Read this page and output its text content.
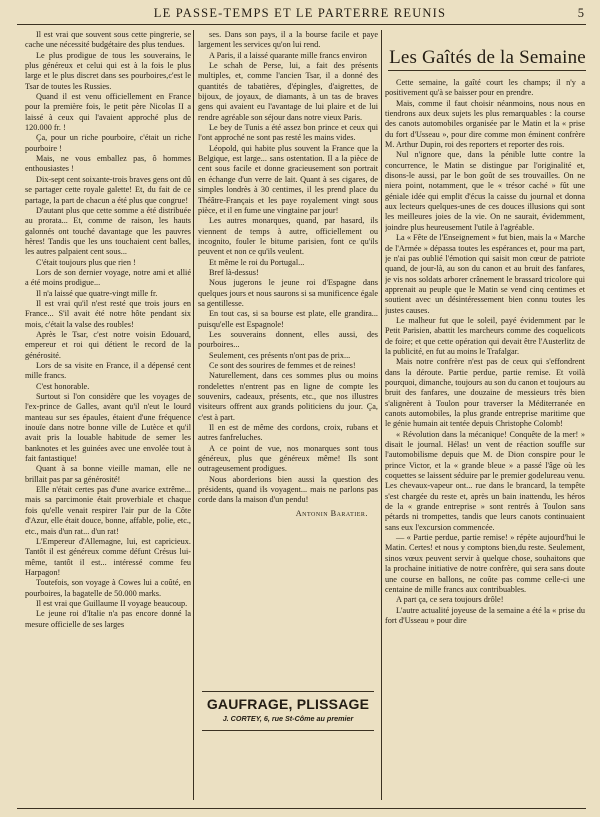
LE PASSE-TEMPS ET LE PARTERRE REUNIS	5

Il est vrai que souvent sous cette pingrerie, se cache une nécessité budgétaire des plus tendues.

Le plus prodigue de tous les souverains, le plus généreux et celui qui est à la fois le plus large et le plus discret dans ses pourboires,c'est le Tsar de toutes les Russies.

Quand il est venu officiellement en France pour la première fois, le petit père Nicolas II a laissé à ceux qui l'avaient approché plus de 120.000 fr. !

Ça, pour un riche pourboire, c'était un riche pourboire !

Mais, ne vous emballez pas, ô hommes enthousiastes !

Dix-sept cent soixante-trois braves gens ont dû se partager cette royale galette! Et, du fait de ce partage, la part de chacun a été plus que congrue!

D'autant plus que cette somme a été distribuée au prorata... Et, comme de raison, les hauts galonnés ont touché davantage que les pauvres hères! Tandis que les uns touchaient cent balles, les autres palpaient cent sous...

C'était toujours plus que rien !

Lors de son dernier voyage, notre ami et allié a été moins prodigue...

Il n'a laissé que quatre-vingt mille fr.

Il est vrai qu'il n'est resté que trois jours en France... S'il avait été notre hôte pendant six mois, c'était la valse des roubles!

Après le Tsar, c'est notre voisin Edouard, empereur et roi qui détient le record de la générosité.

Lors de sa visite en France, il a dépensé cent mille francs.

C'est honorable.

Surtout si l'on considère que les voyages de l'ex-prince de Galles, avant qu'il n'eut le lourd manteau sur ses épaules, étaient d'une fréquence inouïe dans notre bonne ville de Lutèce et qu'il avait pris la louable habitude de semer les banknotes et les guinées avec une envolée tout à fait fantastique!

Quant à sa bonne vieille maman, elle ne brillait pas par sa générosité!

Elle n'était certes pas d'une avarice extrême... mais sa parcimonie était proverbiale et chaque fois qu'elle venait respirer l'air pur de la Côte d'Azur, elle était douce, bonne, affable, polie, etc., etc., mais d'un rat... d'un rat!

L'Empereur d'Allemagne, lui, est capricieux. Tantôt il est généreux comme défunt Crésus lui-même, tantôt il est... intéressé comme feu Harpagon!

Toutefois, son voyage à Cowes lui a coûté, en pourboires, la bagatelle de 50.000 marks.

Il est vrai que Guillaume II voyage beaucoup.

Le jeune roi d'Italie n'a pas encore donné la mesure officielle de ses larges

ses. Dans son pays, il a la bourse facile et paye largement les services qu'on lui rend.

A Paris, il a laissé quarante mille francs environ

Le schah de Perse, lui, a fait des présents multiples, et, comme l'ancien Tsar, il a donné des quantités de tabatières, d'épingles, d'aigrettes, de bijoux, de joyaux, de diamants, à un tas de braves gens qui avaient eu l'avantage de lui plaire et de lui rendre agréable son séjour dans notre vieux Paris.

Le bey de Tunis a été assez bon prince et ceux qui l'ont approché ne sont pas resté les mains vides.

Léopold, qui habite plus souvent la France que la Belgique, est large... sans ostentation. Il a la pièce de cent sous facile et donne gracieusement son portrait en échange d'un verre de lait. Quant à ses cigares, de simples londrès à 30 centimes, il les prend place du Théâtre-Français et les paye royalement vingt sous pièce, et il en fume une vingtaine par jour!

Les autres monarques, quand, par hasard, ils viennent de temps à autre, officiellement ou incognito, fouler le bitume parisien, font ce qu'ils peuvent et non ce qu'ils veulent.

Et même le roi du Portugal...

Bref là-dessus!

Nous jugerons le jeune roi d'Espagne dans quelques jours et nous saurons si sa munificence égale sa gentillesse.

En tout cas, si sa bourse est plate, elle grandira... puisqu'elle est Espagnole!

Les souverains donnent, elles aussi, des pourboires...

Seulement, ces présents n'ont pas de prix...

Ce sont des sourires de femmes et de reines!

Naturellement, dans ces sommes plus ou moins rondelettes n'entrent pas en ligne de compte les souvenirs, cadeaux, présents, etc., que nos illustres visiteurs offrent aux grands politiciens du jour. Ça, c'est à part.

Il en est de même des cordons, croix, rubans et autres fanfreluches.

A ce point de vue, nos monarques sont tous généreux, plus que généreux même! Ils sont outrageusement prodigues.

Nous aborderions bien aussi la question des présidents, quand ils voyagent... mais ne parlons pas corde dans la maison d'un pendu!

Antonin Baratier.
GAUFRAGE, PLISSAGE
J. CORTEY, 6, rue St-Côme au premier
Les Gaîtés de la Semaine

Cette semaine, la gaîté court les champs; il n'y a positivement qu'à se baisser pour en prendre.

Mais, comme il faut choisir néanmoins, nous nous en tiendrons aux deux sujets les plus remarquables : la course des canots automobiles organisée par le Matin et la « prise du fort d'Usseau », pour dire comme mon éminent confrère M. Arthur Dupin, roi des reporters et reporter des rois.

Nul n'ignore que, dans la pénible lutte contre la concurrence, le Matin se distingue par l'originalité et, disons-le aussi, par le bon goût de ses trouvailles. On ne niera point, notamment, que le « trésor caché » fût une géniale idée qui emplit d'écus la caisse du journal et donna aux lecteurs quelques-unes de ces douces illusions qui sont les meilleures joies de la vie. On ne saurait, évidemment, joindre plus heureusement l'utile à l'agréable.

La « Fête de l'Enseignement » fut bien, mais la « Marche de l'Armée » dépassa toutes les espérances et, pour ma part, je n'ai pas oublié l'émotion qui saisit mon cœur de patriote quand, de jour-là, au son du canon et au bruit des fanfares, je vis nos soldats arborer crânement le brassard tricolore qui apprenait au peuple que le Matin se vend cinq centimes et soutient avec un désintéressement bien connu toutes les justes causes.

Le malheur fut que le soleil, payé évidemment par le Petit Parisien, abattit les marcheurs comme des coquelicots de foire; et que cette opération qui devait être l'Austerlitz de la publicité, en fut au moins le Trafalgar.

Mais notre confrère n'est pas de ceux qui s'effondrent dans la déroute. Partie perdue, partie remise. Et voilà pourquoi, dimanche, toujours au son du canon et toujours au bruit des fanfares, une douzaine de messieurs très bien s'alignèrent à Toulon pour traverser la Méditerranée en canots automobiles, la plus grande entreprise maritime que le génie humain ait tentée depuis Christophe Colomb!

« Révolution dans la mécanique! Conquête de la mer! » disait le journal. Hélas! un vent de réaction souffle sur l'automobilisme depuis que M. de Dion conspire pour le prince Victor, et la « grande bleue » a passé l'âge où les coquettes se laissent séduire par le premier godelureau venu. Les chevaux-vapeur ont... rue dans le brancard, la tempête s'est chargée du reste et, après un bain inattendu, les héros de la « grande entreprise » sont rentrés à Toulon sans pétards ni trompettes, tandis que leurs canots continuaient sans eux l'excursion commencée.

— « Partie perdue, partie remise! » répète aujourd'hui le Matin. Certes! et nous y comptons bien,du reste. Seulement, sinos vœux peuvent servir à quelque chose, souhaitons que la prochaine initiative de notre confrère, qui sera sans doute une course en ballons, ne coûte pas comme celle-ci une centaine de mille francs aux contribuables.

A part ça, ce sera toujours drôle!

L'autre actualité joyeuse de la semaine a été la « prise du fort d'Usseau » pour dire
